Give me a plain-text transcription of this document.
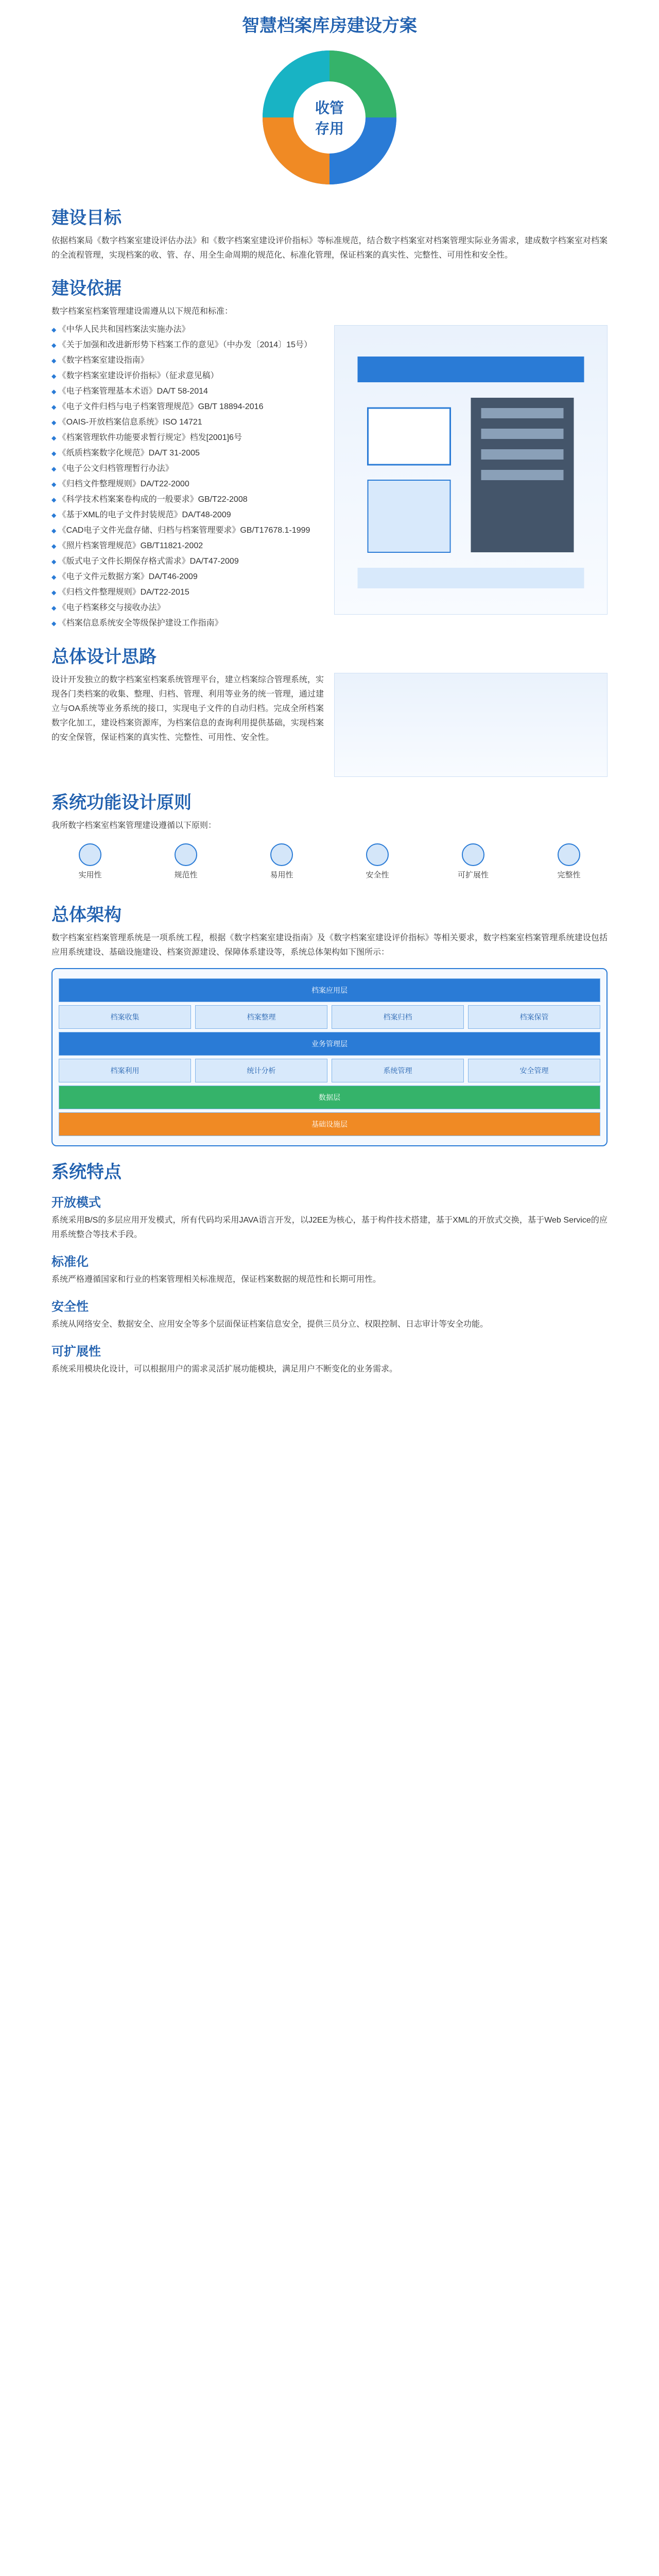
智慧档案库房建设方案
收管
存用
建设目标

依据档案局《数字档案室建设评估办法》和《数字档案室建设评价指标》等标准规范，结合数字档案室对档案管理实际业务需求，建成数字档案室对档案的全流程管理，实现档案的收、管、存、用全生命周期的规范化、标准化管理，保证档案的真实性、完整性、可用性和安全性。

建设依据

数字档案室档案管理建设需遵从以下规范和标准：

◆ 《中华人民共和国档案法实施办法》
◆ 《关于加强和改进新形势下档案工作的意见》（中办发〔2014〕15号）
◆ 《数字档案室建设指南》
◆ 《数字档案室建设评价指标》（征求意见稿）
◆ 《电子档案管理基本术语》DA/T 58-2014
◆ 《电子文件归档与电子档案管理规范》GB/T 18894-2016
◆ 《OAIS-开放档案信息系统》ISO 14721
◆ 《档案管理软件功能要求暂行规定》档发[2001]6号
◆ 《纸质档案数字化规范》DA/T 31-2005
◆ 《电子公文归档管理暂行办法》
◆ 《归档文件整理规则》DA/T22-2000
◆ 《科学技术档案案卷构成的一般要求》GB/T22-2008
◆ 《基于XML的电子文件封装规范》DA/T48-2009
◆ 《CAD电子文件光盘存储、归档与档案管理要求》GB/T17678.1-1999
◆ 《照片档案管理规范》GB/T11821-2002
◆ 《版式电子文件长期保存格式需求》DA/T47-2009
◆ 《电子文件元数据方案》DA/T46-2009
◆ 《归档文件整理规则》DA/T22-2015
◆ 《电子档案移交与接收办法》
◆ 《档案信息系统安全等级保护建设工作指南》
总体设计思路

设计开发独立的数字档案室档案系统管理平台，建立档案综合管理系统，实现各门类档案的收集、整理、归档、管理、利用等业务的统一管理，通过建立与OA系统等业务系统的接口，实现电子文件的自动归档。完成全所档案数字化加工，建设档案资源库，为档案信息的查询利用提供基础，实现档案的安全保管，保证档案的真实性、完整性、可用性、安全性。

系统功能设计原则

我所数字档案室档案管理建设遵循以下原则：

实用性	规范性	易用性	安全性	可扩展性	完整性
总体架构

数字档案室档案管理系统是一项系统工程，根据《数字档案室建设指南》及《数字档案室建设评价指标》等相关要求，数字档案室档案管理系统建设包括应用系统建设、基础设施建设、档案资源建设、保障体系建设等，系统总体架构如下图所示：

档案应用层
档案收集	档案整理	档案归档	档案保管
业务管理层
档案利用	统计分析	系统管理	安全管理
数据层
基础设施层
系统特点
开放模式

系统采用B/S的多层应用开发模式，所有代码均采用JAVA语言开发，以J2EE为核心，基于构件技术搭建，基于XML的开放式交换，基于Web Service的应用系统整合等技术手段。

标准化

系统严格遵循国家和行业的档案管理相关标准规范，保证档案数据的规范性和长期可用性。

安全性

系统从网络安全、数据安全、应用安全等多个层面保证档案信息安全，提供三员分立、权限控制、日志审计等安全功能。

可扩展性

系统采用模块化设计，可以根据用户的需求灵活扩展功能模块，满足用户不断变化的业务需求。
